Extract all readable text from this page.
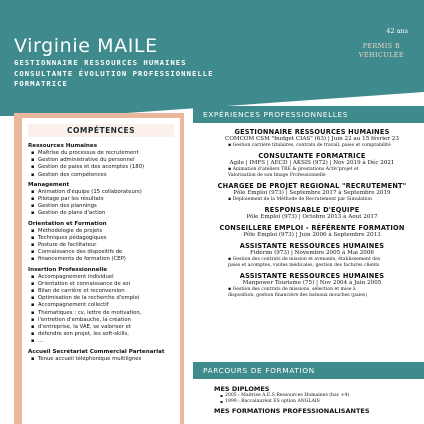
Virginie MAILE
GESTIONNAIRE RESSOURCES HUMAINES
CONSULTANTE ÉVOLUTION PROFESSIONNELLE
FORMATRICE
42 ans
PERMIS B
VÉHICULÉE
COMPÉTENCES
Ressources Humaines
▪ Maîtrise du processus de recrutement
▪ Gestion administrative du personnel
▪ Gestion de paies et des acomptes (180)
▪ Gestion des compétences
Management
▪ Animation d'équipe (15 collaborateurs)
▪ Pilotage par les résultats
▪ Gestion des plannings
▪ Gestion de plans d'action
Orientation et Formation
▪ Méthodologie de projets
▪ Techniques pédagogiques
▪ Posture de facilitateur
▪ Connaissance des dispositifs de
▪ financements de formation (CEP)
Insertion Professionnelle
▪ Accompagnement individuel
▪ Orientation et connaissance de soi
▪ Bilan de carrière et reconversion
▪ Optimisation de la recherche d'emploi
▪ Accompagnement collectif
▪ Thématiques : cv, lettre de motivation,
▪ l'entretien d'embauche, la création
▪ d'entreprise, la VAE, se valoriser et
▪ défendre son projet, les soft-skills,
▪ …
Accueil Secrétariat Commercial Partenariat
▪ Tenue accueil téléphonique multilignes
EXPÉRIENCES PROFESSIONNELLES
GESTIONNAIRE RESSOURCES HUMAINES
COMCOM CSM "budget CIAS" (63) | Juin 22 au 15 février 23
▪ Gestion carrière titulaires, contrats de travail, paies et comptabilité
CONSULTANTE FORMATRICE
Agile | IMFS | AECD | AKSIS (972) | Nov 2019 à Déc 2021
▪ Animation d'ateliers TRE & prestations Activ'projet et
Valorisation de son Image Professionnelle
CHARGEE DE PROJET REGIONAL "RECRUTEMENT"
Pôle Emploi (973) | Septembre 2017 à Septembre 2019
▪ Déploiement de la Méthode de Recrutement par Simulation
RESPONSABLE D'EQUIPE
Pôle Emploi (973) | Octobre 2013 à Aout 2017
CONSEILLERE EMPLOI - RÉFÉRENTE FORMATION
Pôle Emploi (973) | Juin 2006 à Septembre 2013
ASSISTANTE RESSOURCES HUMAINES
Fidérim (973) | Novembre 2005 à Mai 2006
▪ Gestion des contrats de mission et avenants, établissement des
paies et acomptes, visites médicales, gestion des factures clients
ASSISTANTE RESSOURCES HUMAINES
Manpower Tourisme (75) | Nov 2004 à Juin 2005
▪ Gestion des contrats de missions, sélection et mise à
disposition, gestion financière des bateaux mouches (paies)
PARCOURS DE FORMATION
MES DIPLOMES
▪ 2005 : Maitrise A.E.S Ressources Humaines (bac +4)
▪ 1999 : Baccalauréat ES option ANGLAIS
MES FORMATIONS PROFESSIONALISANTES
